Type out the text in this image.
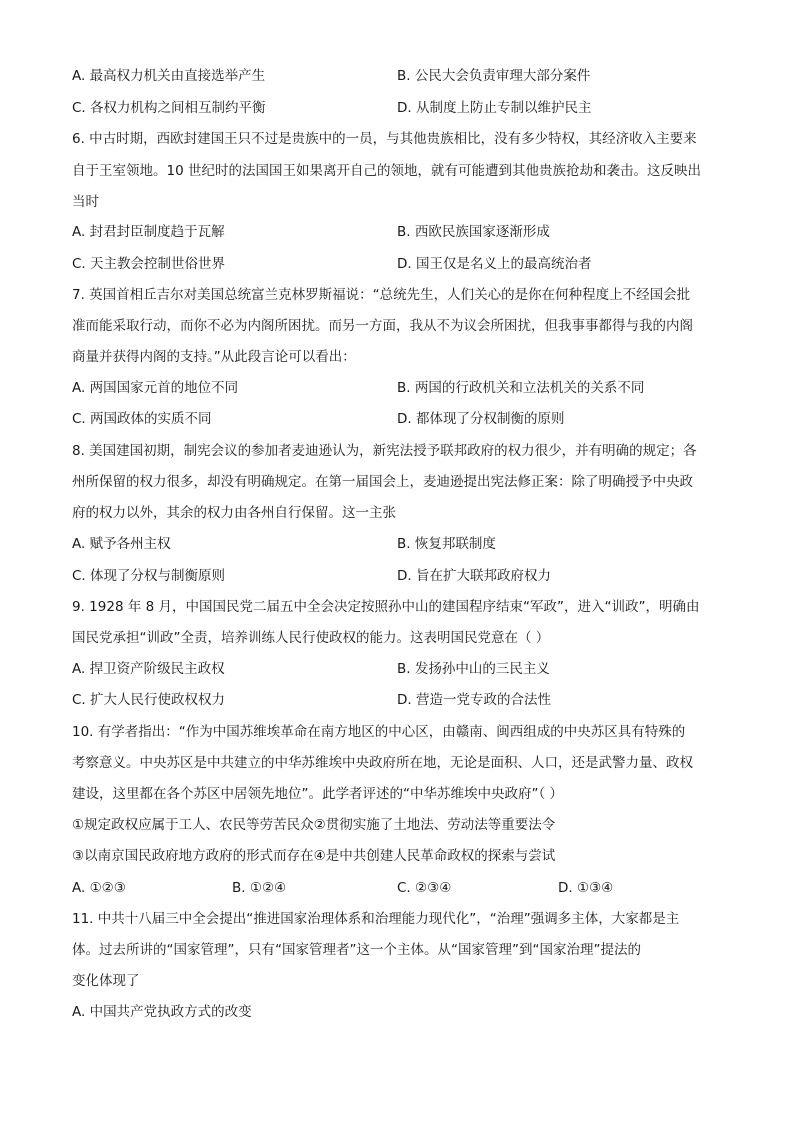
A. 最高权力机关由直接选举产生	B. 公民大会负责审理大部分案件
C. 各权力机构之间相互制约平衡	D. 从制度上防止专制以维护民主
6. 中古时期，西欧封建国王只不过是贵族中的一员，与其他贵族相比，没有多少特权，其经济收入主要来
自于王室领地。10 世纪时的法国国王如果离开自己的领地，就有可能遭到其他贵族抢劫和袭击。这反映出
当时
A. 封君封臣制度趋于瓦解	B. 西欧民族国家逐渐形成
C. 天主教会控制世俗世界	D. 国王仅是名义上的最高统治者
7. 英国首相丘吉尔对美国总统富兰克林罗斯福说：“总统先生，人们关心的是你在何种程度上不经国会批
准而能采取行动，而你不必为内阁所困扰。而另一方面，我从不为议会所困扰，但我事事都得与我的内阁
商量并获得内阁的支持。”从此段言论可以看出：
A. 两国国家元首的地位不同	B. 两国的行政机关和立法机关的关系不同
C. 两国政体的实质不同	D. 都体现了分权制衡的原则
8. 美国建国初期，制宪会议的参加者麦迪逊认为，新宪法授予联邦政府的权力很少，并有明确的规定；各
州所保留的权力很多，却没有明确规定。在第一届国会上，麦迪逊提出宪法修正案：除了明确授予中央政
府的权力以外，其余的权力由各州自行保留。这一主张
A. 赋予各州主权	B. 恢复邦联制度
C. 体现了分权与制衡原则	D. 旨在扩大联邦政府权力
9. 1928 年 8 月，中国国民党二届五中全会决定按照孙中山的建国程序结束“军政”，进入“训政”，明确由
国民党承担“训政”全责，培养训练人民行使政权的能力。这表明国民党意在（ ）
A. 捍卫资产阶级民主政权	B. 发扬孙中山的三民主义
C. 扩大人民行使政权权力	D. 营造一党专政的合法性
10. 有学者指出：“作为中国苏维埃革命在南方地区的中心区，由赣南、闽西组成的中央苏区具有特殊的
考察意义。中央苏区是中共建立的中华苏维埃中央政府所在地，无论是面积、人口，还是武警力量、政权
建设，这里都在各个苏区中居领先地位”。此学者评述的“中华苏维埃中央政府”（ ）
①规定政权应属于工人、农民等劳苦民众②贯彻实施了土地法、劳动法等重要法令
③以南京国民政府地方政府的形式而存在④是中共创建人民革命政权的探索与尝试
A. ①②③	B. ①②④	C. ②③④	D. ①③④
11. 中共十八届三中全会提出“推进国家治理体系和治理能力现代化”，“治理”强调多主体，大家都是主
体。过去所讲的“国家管理”，只有“国家管理者”这一个主体。从“国家管理”到“国家治理”提法的
变化体现了
A. 中国共产党执政方式的改变
